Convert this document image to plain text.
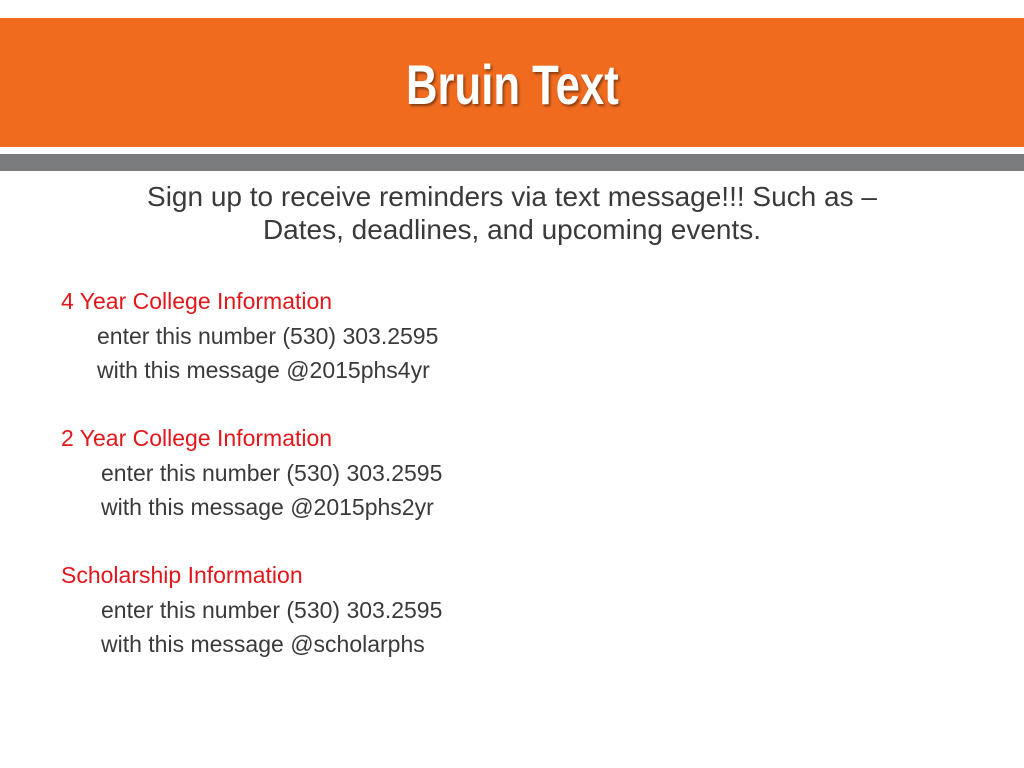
Bruin Text
Sign up to receive reminders via text message!!! Such as –
Dates, deadlines, and upcoming events.
4 Year College Information
enter this number (530) 303.2595
with this message @2015phs4yr
2 Year College Information
enter this number (530) 303.2595
with this message @2015phs2yr
Scholarship Information
enter this number (530) 303.2595
with this message @scholarphs
